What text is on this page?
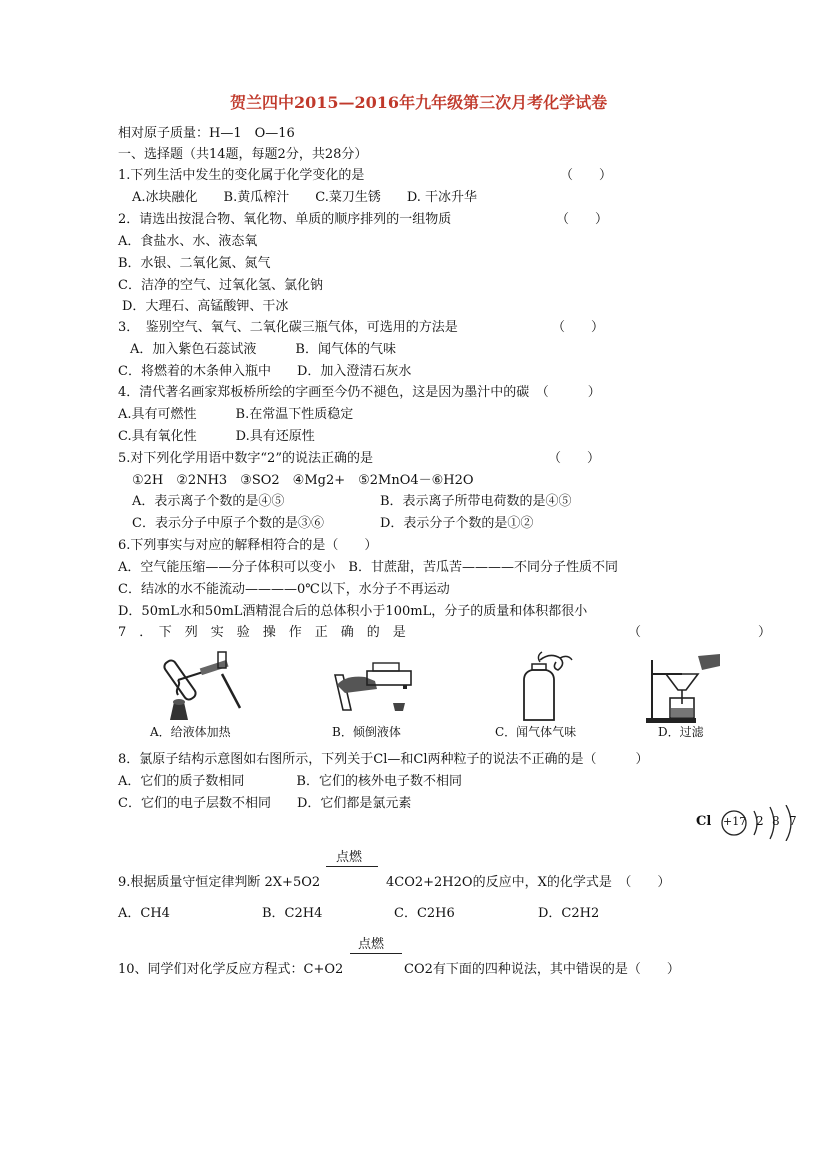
贺兰四中2015—2016年九年级第三次月考化学试卷
相对原子质量：H—1　O—16
一、选择题（共14题，每题2分，共28分）
1.下列生活中发生的变化属于化学变化的是	（　　）
A.冰块融化　　B.黄瓜榨汁　　C.菜刀生锈　　D. 干冰升华
2．请选出按混合物、氧化物、单质的顺序排列的一组物质	（　　）
A．食盐水、水、液态氧
B．水银、二氧化氮、氮气
C．洁净的空气、过氧化氢、氯化钠
D．大理石、高锰酸钾、干冰
3．　鉴别空气、氧气、二氧化碳三瓶气体，可选用的方法是	（　　）
A．加入紫色石蕊试液　　　B．闻气体的气味
C．将燃着的木条伸入瓶中　　D．加入澄清石灰水
4．清代著名画家郑板桥所绘的字画至今仍不褪色，这是因为墨汁中的碳　（　　　）
A.具有可燃性　　　B.在常温下性质稳定
C.具有氧化性　　　D.具有还原性
5.对下列化学用语中数字“2”的说法正确的是	（　　）
①2H　②2NH3　③SO2　④Mg2+　⑤2MnO4－⑥H2O
A．表示离子个数的是④⑤	B．表示离子所带电荷数的是④⑤
C．表示分子中原子个数的是③⑥	D．表示分子个数的是①②
6.下列事实与对应的解释相符合的是（　　）
A．空气能压缩——分子体积可以变小　B．甘蔗甜，苦瓜苦————不同分子性质不同
C．结冰的水不能流动————0℃以下，水分子不再运动
D．50mL水和50mL酒精混合后的总体积小于100mL，分子的质量和体积都很小
7　．　下　列　实　验　操　作　正　确　的　是	（	）
A．给液体加热	B．倾倒液体	C．闻气体气味	D．过滤
8．氯原子结构示意图如右图所示，下列关于Cl—和Cl两种粒子的说法不正确的是（　　　）
A．它们的质子数相同　　　　B．它们的核外电子数不相同
C．它们的电子层数不相同　　D．它们都是氯元素
Cl +17 2 8 7
点燃
9.根据质量守恒定律判断 2X+5O2	4CO2+2H2O的反应中，X的化学式是　（　　）
A．CH4	B．C2H4	C．C2H6	D．C2H2
点燃
10、同学们对化学反应方程式：C+O2	CO2有下面的四种说法，其中错误的是（　　）
